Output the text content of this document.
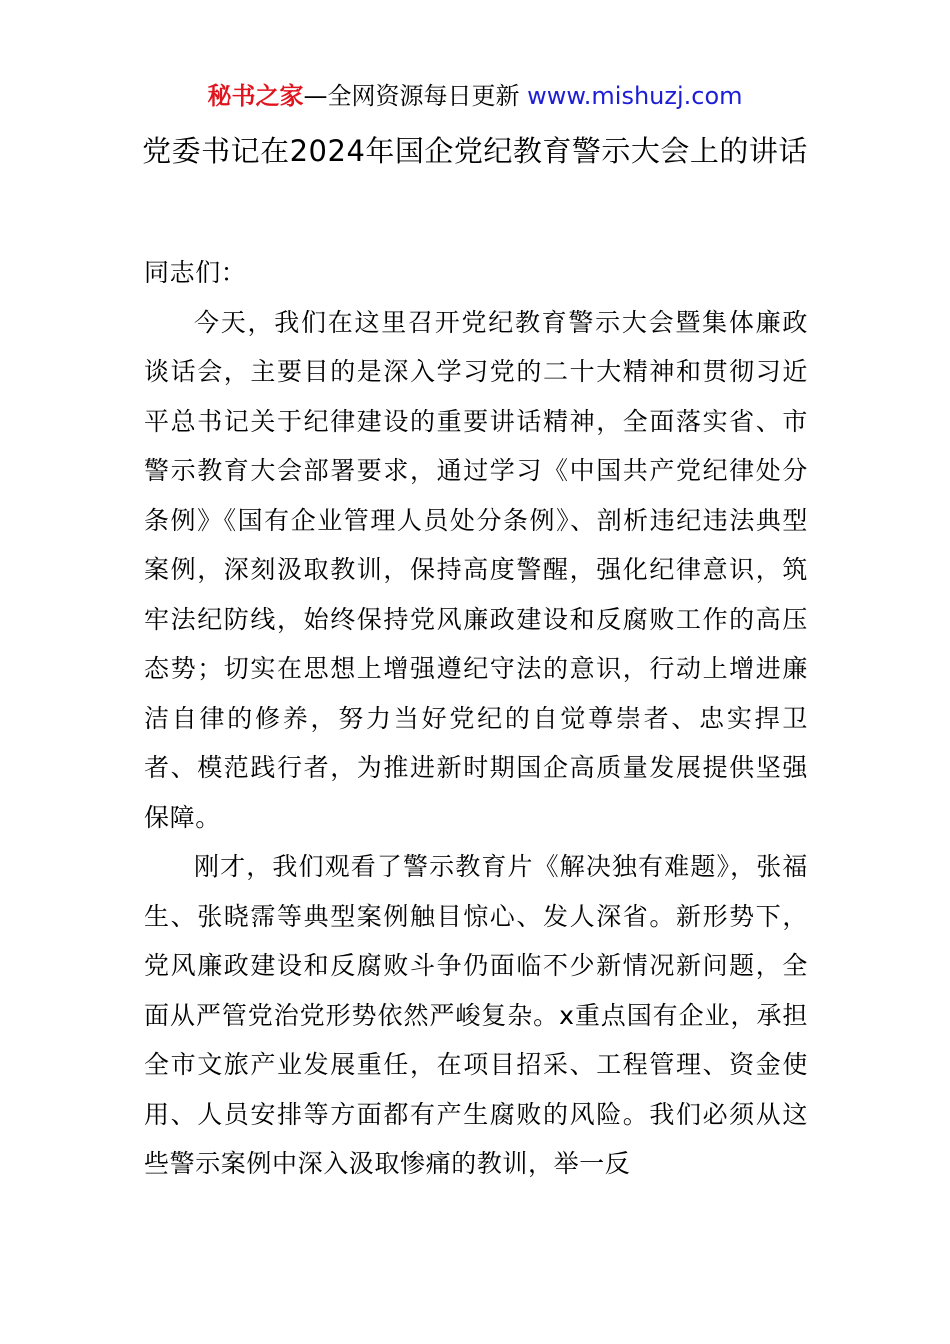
秘书之家—全网资源每日更新 www.mishuzj.com
党委书记在2024年国企党纪教育警示大会上的讲话

同志们：

今天，我们在这里召开党纪教育警示大会暨集体廉政谈话会，主要目的是深入学习党的二十大精神和贯彻习近平总书记关于纪律建设的重要讲话精神，全面落实省、市警示教育大会部署要求，通过学习《中国共产党纪律处分条例》《国有企业管理人员处分条例》、剖析违纪违法典型案例，深刻汲取教训，保持高度警醒，强化纪律意识，筑牢法纪防线，始终保持党风廉政建设和反腐败工作的高压态势；切实在思想上增强遵纪守法的意识，行动上增进廉洁自律的修养，努力当好党纪的自觉尊崇者、忠实捍卫者、模范践行者，为推进新时期国企高质量发展提供坚强保障。

刚才，我们观看了警示教育片《解决独有难题》，张福生、张晓霈等典型案例触目惊心、发人深省。新形势下，党风廉政建设和反腐败斗争仍面临不少新情况新问题，全面从严管党治党形势依然严峻复杂。x重点国有企业，承担全市文旅产业发展重任，在项目招采、工程管理、资金使用、人员安排等方面都有产生腐败的风险。我们必须从这些警示案例中深入汲取惨痛的教训，举一反
